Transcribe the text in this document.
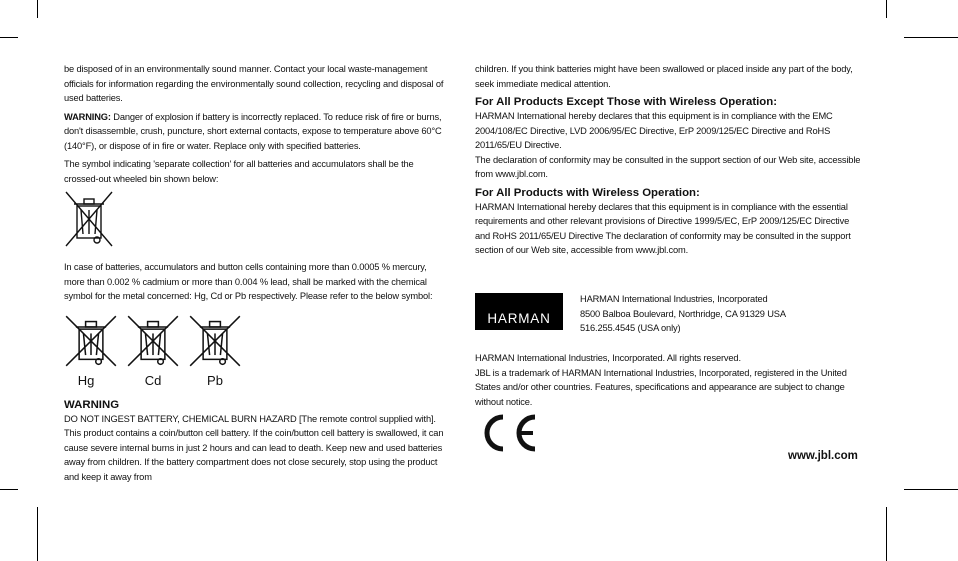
be disposed of in an environmentally sound manner. Contact your local waste-management officials for information regarding the environmentally sound collection, recycling and disposal of used batteries.

WARNING: Danger of explosion if battery is incorrectly replaced. To reduce risk of fire or burns, don't disassemble, crush, puncture, short external contacts, expose to temperature above 60°C (140°F), or dispose of in fire or water. Replace only with specified batteries.

The symbol indicating 'separate collection' for all batteries and accumulators shall be the crossed-out wheeled bin shown below:

In case of batteries, accumulators and button cells containing more than 0.0005 % mercury, more than 0.002 % cadmium or more than 0.004 % lead, shall be marked with the chemical symbol for the metal concerned: Hg, Cd or Pb respectively. Please refer to the below symbol:

Hg	Cd	Pb
WARNING

DO NOT INGEST BATTERY, CHEMICAL BURN HAZARD [The remote control supplied with]. This product contains a coin/button cell battery. If the coin/button cell battery is swallowed, it can cause severe internal burns in just 2 hours and can lead to death. Keep new and used batteries away from children. If the battery compartment does not close securely, stop using the product and keep it away from

children. If you think batteries might have been swallowed or placed inside any part of the body, seek immediate medical attention.

For All Products Except Those with Wireless Operation:

HARMAN International hereby declares that this equipment is in compliance with the EMC 2004/108/EC Directive, LVD 2006/95/EC Directive, ErP 2009/125/EC Directive and RoHS 2011/65/EU Directive.

The declaration of conformity may be consulted in the support section of our Web site, accessible from www.jbl.com.

For All Products with Wireless Operation:

HARMAN International hereby declares that this equipment is in compliance with the essential requirements and other relevant provisions of Directive 1999/5/EC, ErP 2009/125/EC Directive and RoHS 2011/65/EU Directive The declaration of conformity may be consulted in the support section of our Web site, accessible from www.jbl.com.

HARMAN

HARMAN International Industries, Incorporated

8500 Balboa Boulevard, Northridge, CA 91329 USA

516.255.4545 (USA only)

HARMAN International Industries, Incorporated. All rights reserved.

JBL is a trademark of HARMAN International Industries, Incorporated, registered in the United States and/or other countries. Features, specifications and appearance are subject to change without notice.

www.jbl.com
